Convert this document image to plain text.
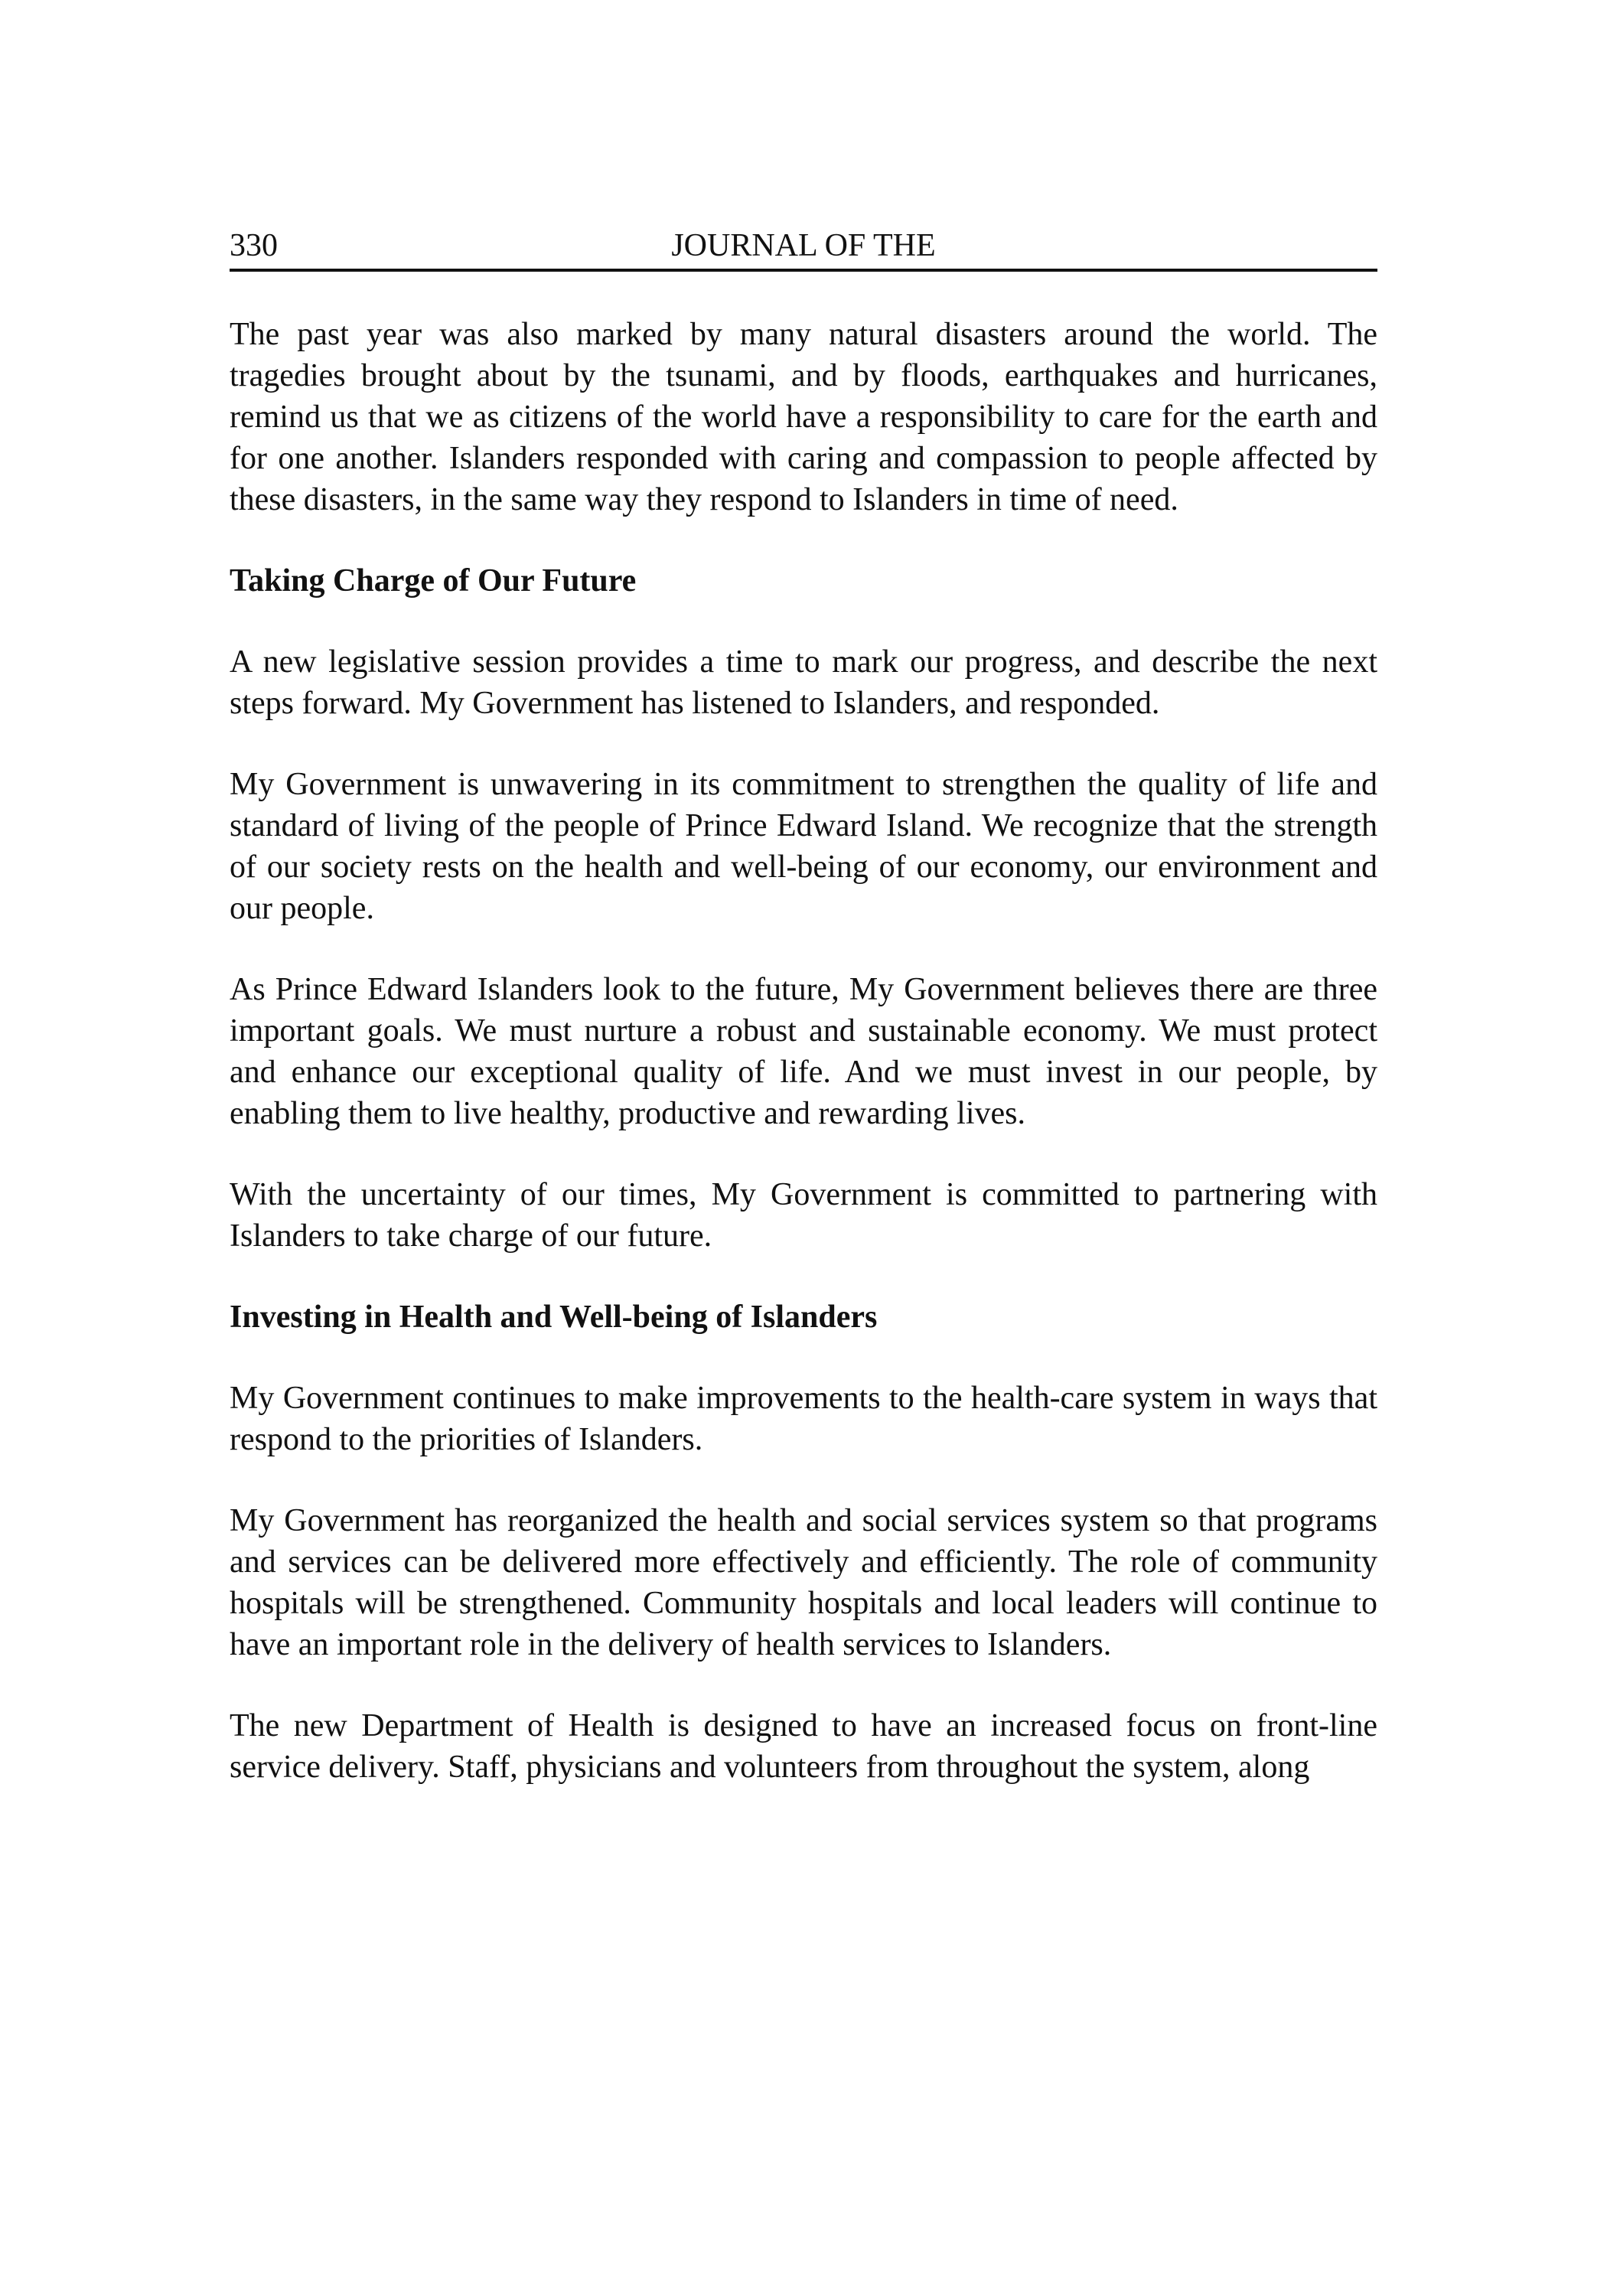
330	JOURNAL OF THE

The past year was also marked by many natural disasters around the world. The tragedies brought about by the tsunami, and by floods, earthquakes and hurricanes, remind us that we as citizens of the world have a responsibility to care for the earth and for one another. Islanders responded with caring and compassion to people affected by these disasters, in the same way they respond to Islanders in time of need.

Taking Charge of Our Future

A new legislative session provides a time to mark our progress, and describe the next steps forward. My Government has listened to Islanders, and responded.

My Government is unwavering in its commitment to strengthen the quality of life and standard of living of the people of Prince Edward Island. We recognize that the strength of our society rests on the health and well-being of our economy, our environment and our people.

As Prince Edward Islanders look to the future, My Government believes there are three important goals. We must nurture a robust and sustainable economy. We must protect and enhance our exceptional quality of life. And we must invest in our people, by enabling them to live healthy, productive and rewarding lives.

With the uncertainty of our times, My Government is committed to partnering with Islanders to take charge of our future.

Investing in Health and Well-being of Islanders

My Government continues to make improvements to the health-care system in ways that respond to the priorities of Islanders.

My Government has reorganized the health and social services system so that programs and services can be delivered more effectively and efficiently. The role of community hospitals will be strengthened. Community hospitals and local leaders will continue to have an important role in the delivery of health services to Islanders.

The new Department of Health is designed to have an increased focus on front-line service delivery. Staff, physicians and volunteers from throughout the system, along
